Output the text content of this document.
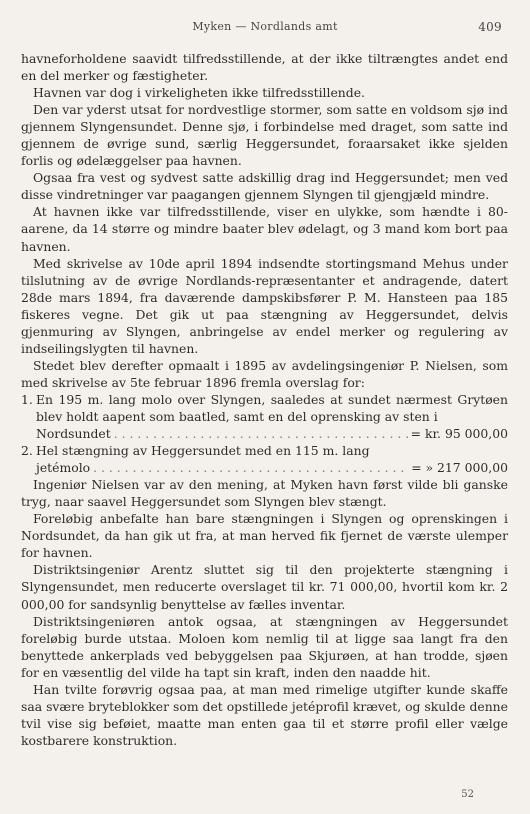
Myken — Nordlands amt	409

havneforholdene saavidt tilfredsstillende, at der ikke tiltrængtes andet end en del merker og fæstigheter.

Havnen var dog i virkeligheten ikke tilfredsstillende.

Den var yderst utsat for nordvestlige stormer, som satte en voldsom sjø ind gjennem Slyngensundet. Denne sjø, i forbindelse med draget, som satte ind gjennem de øvrige sund, særlig Heggersundet, foraarsaket ikke sjelden forlis og ødelæggelser paa havnen.

Ogsaa fra vest og sydvest satte adskillig drag ind Heggersundet; men ved disse vindretninger var paagangen gjennem Slyngen til gjengjæld mindre.

At havnen ikke var tilfredsstillende, viser en ulykke, som hændte i 80-aarene, da 14 større og mindre baater blev ødelagt, og 3 mand kom bort paa havnen.

Med skrivelse av 10de april 1894 indsendte stortingsmand Mehus under tilslutning av de øvrige Nordlands-repræsentanter et andragende, datert 28de mars 1894, fra daværende dampskibsfører P. M. Hansteen paa 185 fiskeres vegne. Det gik ut paa stængning av Heggersundet, delvis gjenmuring av Slyngen, anbringelse av endel merker og regulering av indseilingslygten til havnen.

Stedet blev derefter opmaalt i 1895 av avdelingsingeniør P. Nielsen, som med skrivelse av 5te februar 1896 fremla overslag for:

1. En 195 m. lang molo over Slyngen, saaledes at sundet nærmest Grytøen blev holdt aapent som baatled, samt en del oprensking av sten i
Nordsundet . . .	= kr. 95 000,00
2. Hel stængning av Heggersundet med en 115 m. lang
jetémolo . . .	= » 217 000,00

Ingeniør Nielsen var av den mening, at Myken havn først vilde bli ganske tryg, naar saavel Heggersundet som Slyngen blev stængt.

Foreløbig anbefalte han bare stængningen i Slyngen og oprenskingen i Nordsundet, da han gik ut fra, at man herved fik fjernet de værste ulemper for havnen.

Distriktsingeniør Arentz sluttet sig til den projekterte stængning i Slyngensundet, men reducerte overslaget til kr. 71 000,00, hvortil kom kr. 2 000,00 for sandsynlig benyttelse av fælles inventar.

Distriktsingeniøren antok ogsaa, at stængningen av Heggersundet foreløbig burde utstaa. Moloen kom nemlig til at ligge saa langt fra den benyttede ankerplads ved bebyggelsen paa Skjurøen, at han trodde, sjøen for en væsentlig del vilde ha tapt sin kraft, inden den naadde hit.

Han tvilte forøvrig ogsaa paa, at man med rimelige utgifter kunde skaffe saa svære bryteblokker som det opstillede jetéprofil krævet, og skulde denne tvil vise sig beføiet, maatte man enten gaa til et større profil eller vælge kostbarere konstruktion.

52
